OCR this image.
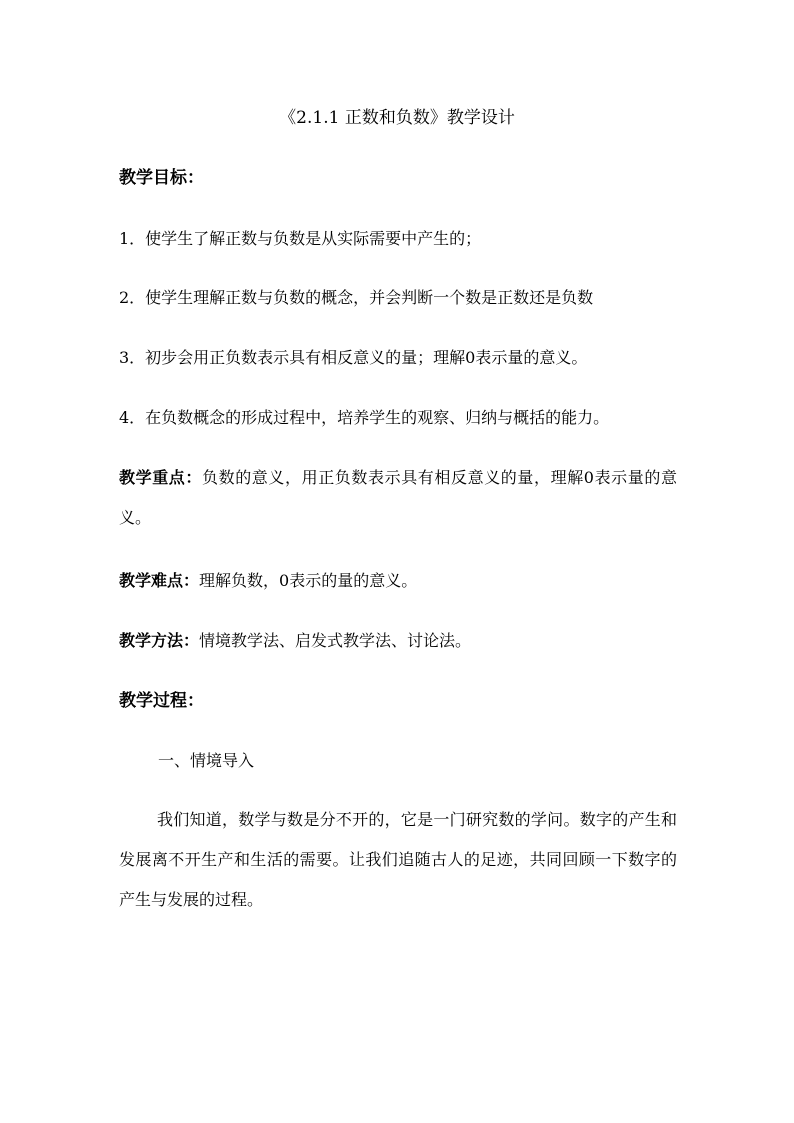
《2.1.1 正数和负数》教学设计
教学目标：
1．使学生了解正数与负数是从实际需要中产生的；
2．使学生理解正数与负数的概念，并会判断一个数是正数还是负数
3．初步会用正负数表示具有相反意义的量；理解0表示量的意义。
4．在负数概念的形成过程中，培养学生的观察、归纳与概括的能力。
教学重点：负数的意义，用正负数表示具有相反意义的量，理解0表示量的意义。
教学难点：理解负数，0表示的量的意义。
教学方法：情境教学法、启发式教学法、讨论法。
教学过程：
一、情境导入
我们知道，数学与数是分不开的，它是一门研究数的学问。数字的产生和发展离不开生产和生活的需要。让我们追随古人的足迹，共同回顾一下数字的产生与发展的过程。
